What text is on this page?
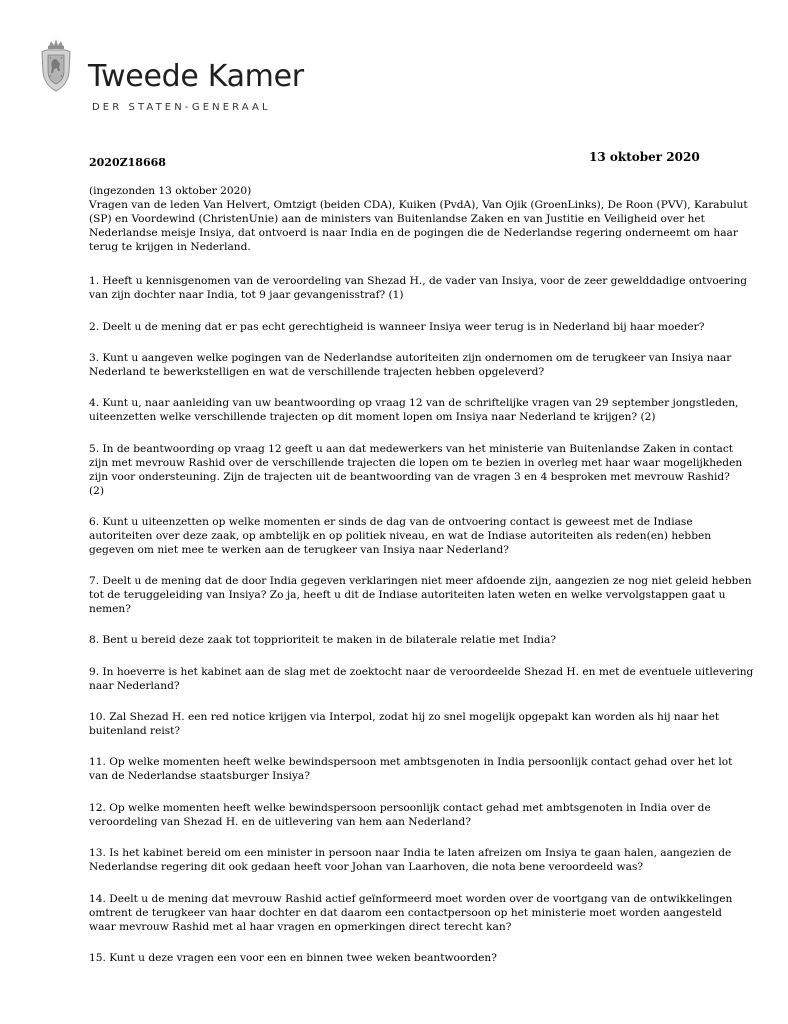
Tweede Kamer
DER STATEN-GENERAAL
2020Z18668	13 oktober 2020

(ingezonden 13 oktober 2020)

Vragen van de leden Van Helvert, Omtzigt (beiden CDA), Kuiken (PvdA), Van Ojik (GroenLinks), De Roon (PVV), Karabulut

(SP) en Voordewind (ChristenUnie) aan de ministers van Buitenlandse Zaken en van Justitie en Veiligheid over het

Nederlandse meisje Insiya, dat ontvoerd is naar India en de pogingen die de Nederlandse regering onderneemt om haar

terug te krijgen in Nederland.

1. Heeft u kennisgenomen van de veroordeling van Shezad H., de vader van Insiya, voor de zeer gewelddadige ontvoering

van zijn dochter naar India, tot 9 jaar gevangenisstraf? (1)

2. Deelt u de mening dat er pas echt gerechtigheid is wanneer Insiya weer terug is in Nederland bij haar moeder?

3. Kunt u aangeven welke pogingen van de Nederlandse autoriteiten zijn ondernomen om de terugkeer van Insiya naar

Nederland te bewerkstelligen en wat de verschillende trajecten hebben opgeleverd?

4. Kunt u, naar aanleiding van uw beantwoording op vraag 12 van de schriftelijke vragen van 29 september jongstleden,

uiteenzetten welke verschillende trajecten op dit moment lopen om Insiya naar Nederland te krijgen? (2)

5. In de beantwoording op vraag 12 geeft u aan dat medewerkers van het ministerie van Buitenlandse Zaken in contact

zijn met mevrouw Rashid over de verschillende trajecten die lopen om te bezien in overleg met haar waar mogelijkheden

zijn voor ondersteuning. Zijn de trajecten uit de beantwoording van de vragen 3 en 4 besproken met mevrouw Rashid?

(2)

6. Kunt u uiteenzetten op welke momenten er sinds de dag van de ontvoering contact is geweest met de Indiase

autoriteiten over deze zaak, op ambtelijk en op politiek niveau, en wat de Indiase autoriteiten als reden(en) hebben

gegeven om niet mee te werken aan de terugkeer van Insiya naar Nederland?

7. Deelt u de mening dat de door India gegeven verklaringen niet meer afdoende zijn, aangezien ze nog niet geleid hebben

tot de teruggeleiding van Insiya? Zo ja, heeft u dit de Indiase autoriteiten laten weten en welke vervolgstappen gaat u

nemen?

8. Bent u bereid deze zaak tot topprioriteit te maken in de bilaterale relatie met India?

9. In hoeverre is het kabinet aan de slag met de zoektocht naar de veroordeelde Shezad H. en met de eventuele uitlevering

naar Nederland?

10. Zal Shezad H. een red notice krijgen via Interpol, zodat hij zo snel mogelijk opgepakt kan worden als hij naar het

buitenland reist?

11. Op welke momenten heeft welke bewindspersoon met ambtsgenoten in India persoonlijk contact gehad over het lot

van de Nederlandse staatsburger Insiya?

12. Op welke momenten heeft welke bewindspersoon persoonlijk contact gehad met ambtsgenoten in India over de

veroordeling van Shezad H. en de uitlevering van hem aan Nederland?

13. Is het kabinet bereid om een minister in persoon naar India te laten afreizen om Insiya te gaan halen, aangezien de

Nederlandse regering dit ook gedaan heeft voor Johan van Laarhoven, die nota bene veroordeeld was?

14. Deelt u de mening dat mevrouw Rashid actief geïnformeerd moet worden over de voortgang van de ontwikkelingen

omtrent de terugkeer van haar dochter en dat daarom een contactpersoon op het ministerie moet worden aangesteld

waar mevrouw Rashid met al haar vragen en opmerkingen direct terecht kan?

15. Kunt u deze vragen een voor een en binnen twee weken beantwoorden?
